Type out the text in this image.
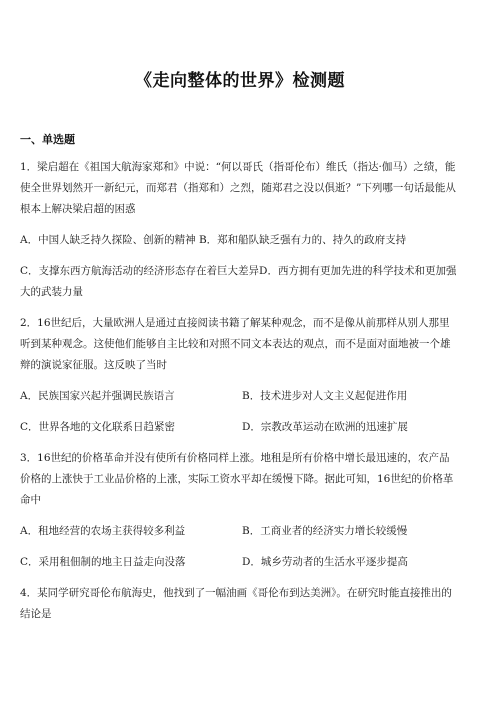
《走向整体的世界》检测题
一、单选题

1．梁启超在《祖国大航海家郑和》中说：“何以哥氏（指哥伦布）维氏（指达·伽马）之绩，能使全世界划然开一新纪元，而郑君（指郑和）之烈，随郑君之没以俱逝？”下列哪一句话最能从根本上解决梁启超的困惑

A．中国人缺乏持久探险、创新的精神 B．郑和船队缺乏强有力的、持久的政府支持

C．支撑东西方航海活动的经济形态存在着巨大差异D．西方拥有更加先进的科学技术和更加强大的武装力量

2．16世纪后，大量欧洲人是通过直接阅读书籍了解某种观念，而不是像从前那样从别人那里听到某种观念。这使他们能够自主比较和对照不同文本表达的观点，而不是面对面地被一个雄辩的演说家征服。这反映了当时

A．民族国家兴起并强调民族语言	B．技术进步对人文主义起促进作用
C．世界各地的文化联系日趋紧密	D．宗教改革运动在欧洲的迅速扩展

3．16世纪的价格革命并没有使所有价格同样上涨。地租是所有价格中增长最迅速的，农产品价格的上涨快于工业品价格的上涨，实际工资水平却在缓慢下降。据此可知，16世纪的价格革命中

A．租地经营的农场主获得较多利益	B．工商业者的经济实力增长较缓慢
C．采用租佃制的地主日益走向没落	D．城乡劳动者的生活水平逐步提高

4．某同学研究哥伦布航海史，他找到了一幅油画《哥伦布到达美洲》。在研究时能直接推出的结论是
